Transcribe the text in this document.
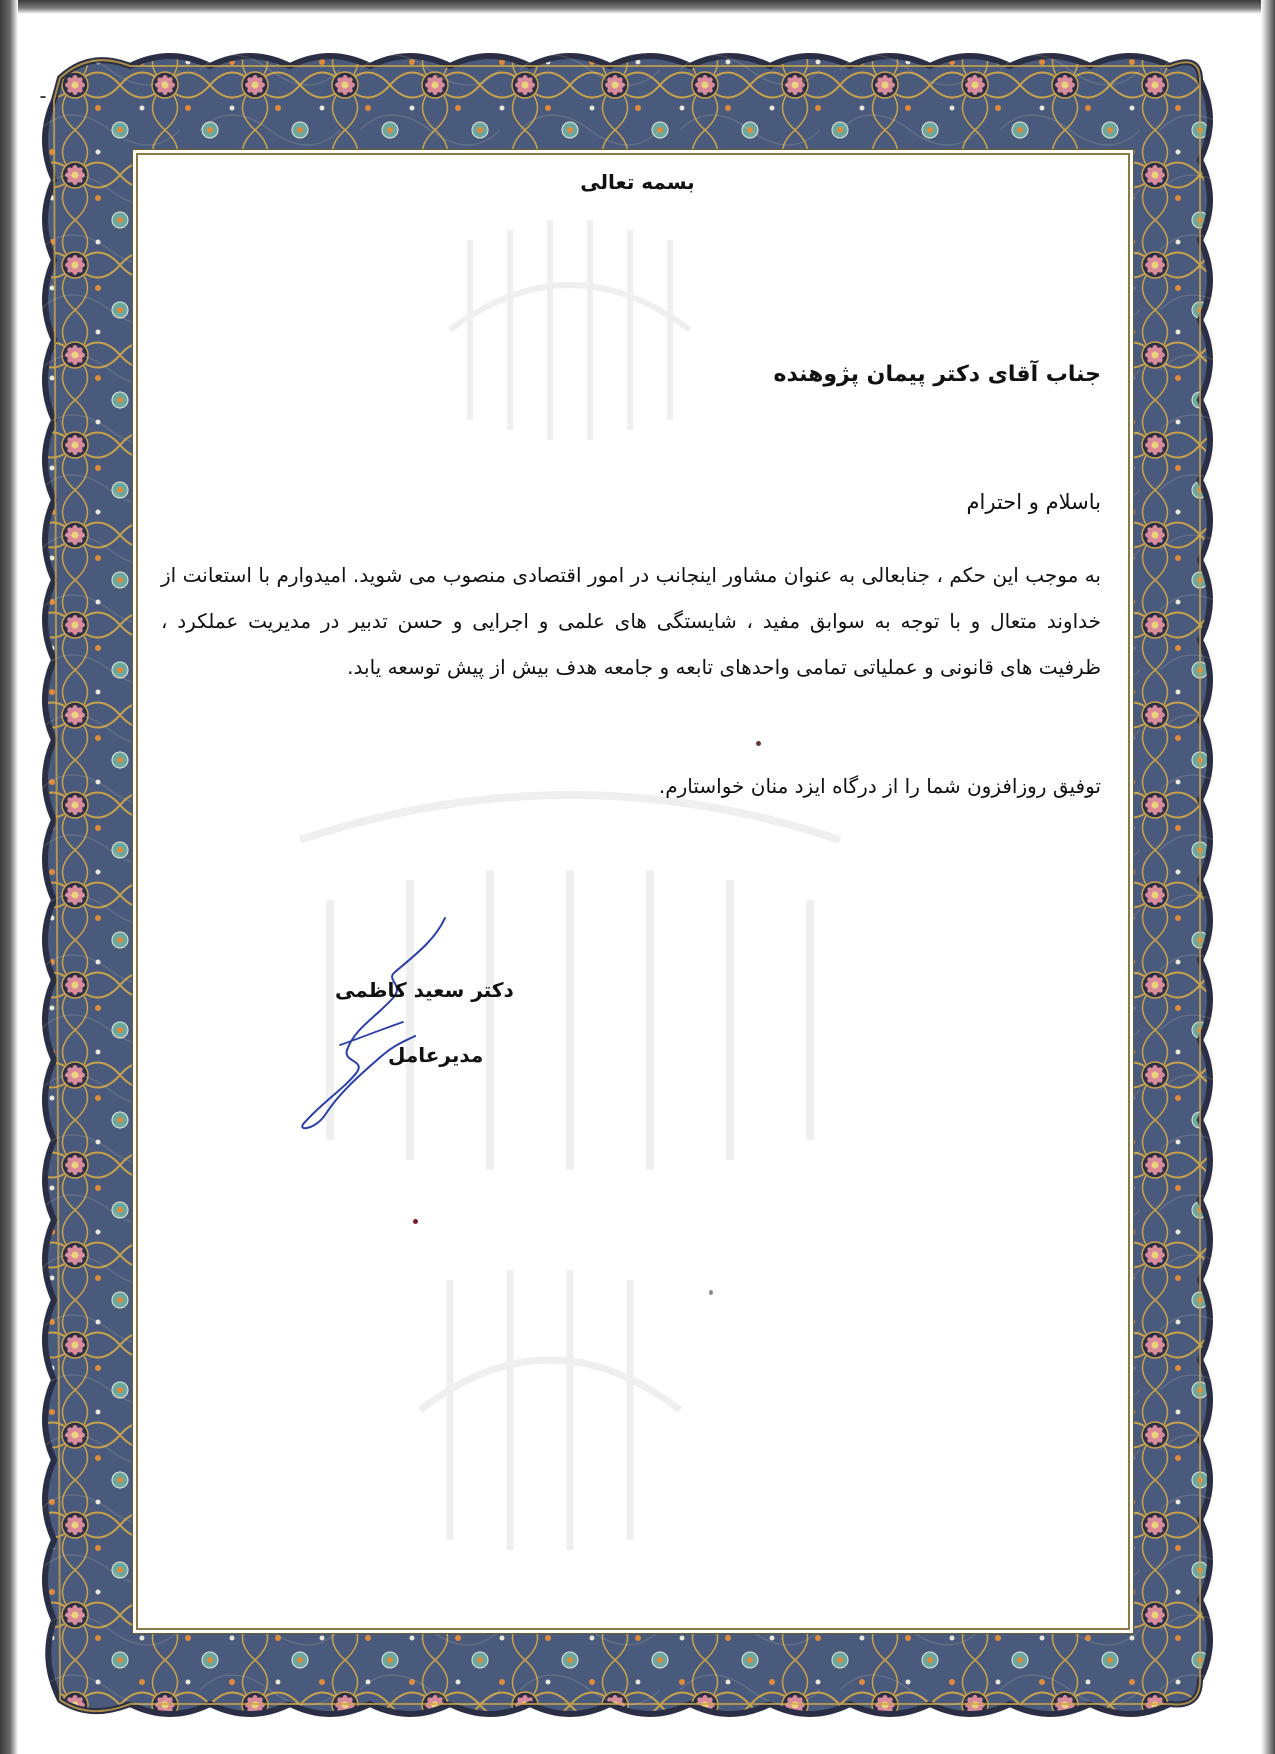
بسمه تعالی
جناب آقای دکتر پیمان پژوهنده
باسلام و احترام
به موجب این حکم ، جنابعالی به عنوان مشاور اینجانب در امور اقتصادی منصوب می شوید. امیدوارم با استعانت از خداوند متعال و با توجه به سوابق مفید ، شایستگی های علمی و اجرایی و حسن تدبیر در مدیریت عملکرد ، ظرفیت های قانونی و عملیاتی تمامی واحدهای تابعه و جامعه هدف بیش از پیش توسعه یابد.
توفیق روزافزون شما را از درگاه ایزد منان خواستارم.
دکتر سعید کاظمی
مدیرعامل
